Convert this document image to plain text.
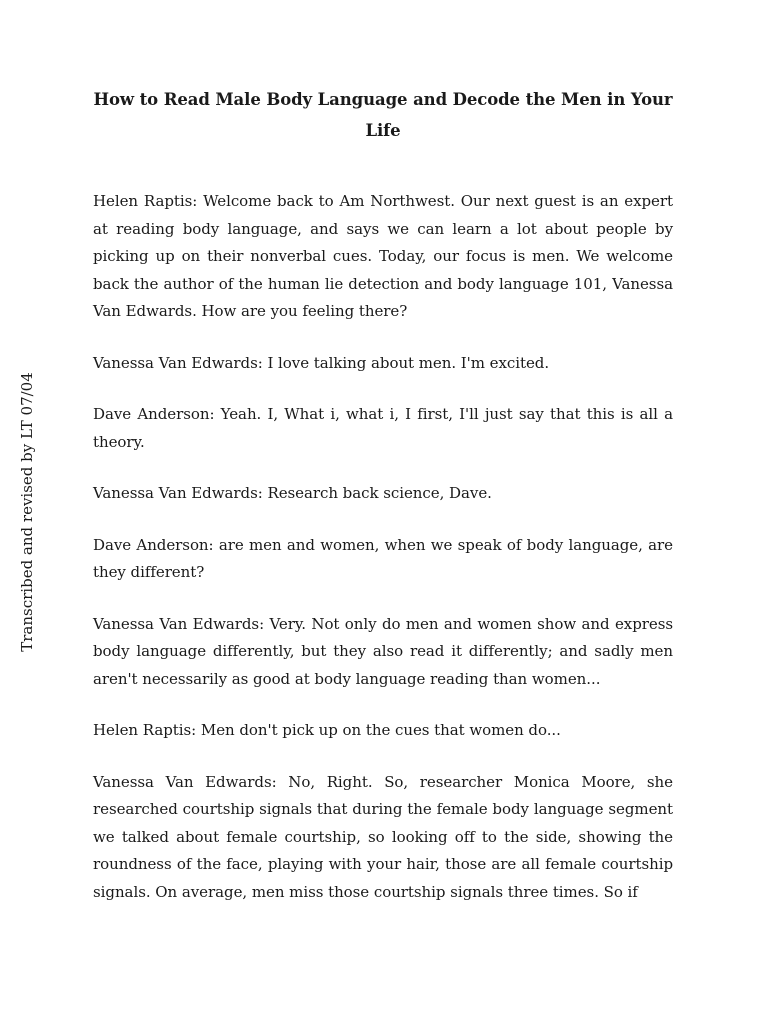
Transcribed and revised by LT 07/04
How to Read Male Body Language and Decode the Men in Your Life

Helen Raptis: Welcome back to Am Northwest. Our next guest is an expert at reading body language, and says we can learn a lot about people by picking up on their nonverbal cues. Today, our focus is men. We welcome back the author of the human lie detection and body language 101, Vanessa Van Edwards. How are you feeling there?

Vanessa Van Edwards: I love talking about men. I'm excited.

Dave Anderson: Yeah. I, What i, what i, I first, I'll just say that this is all a theory.

Vanessa Van Edwards: Research back science, Dave.

Dave Anderson: are men and women, when we speak of body language, are they different?

Vanessa Van Edwards: Very. Not only do men and women show and express body language differently, but they also read it differently; and sadly men aren't necessarily as good at body language reading than women...

Helen Raptis: Men don't pick up on the cues that women do...

Vanessa Van Edwards: No, Right. So, researcher Monica Moore, she researched courtship signals that during the female body language segment we talked about female courtship, so looking off to the side, showing the roundness of the face, playing with your hair, those are all female courtship signals. On average, men miss those courtship signals three times. So if
